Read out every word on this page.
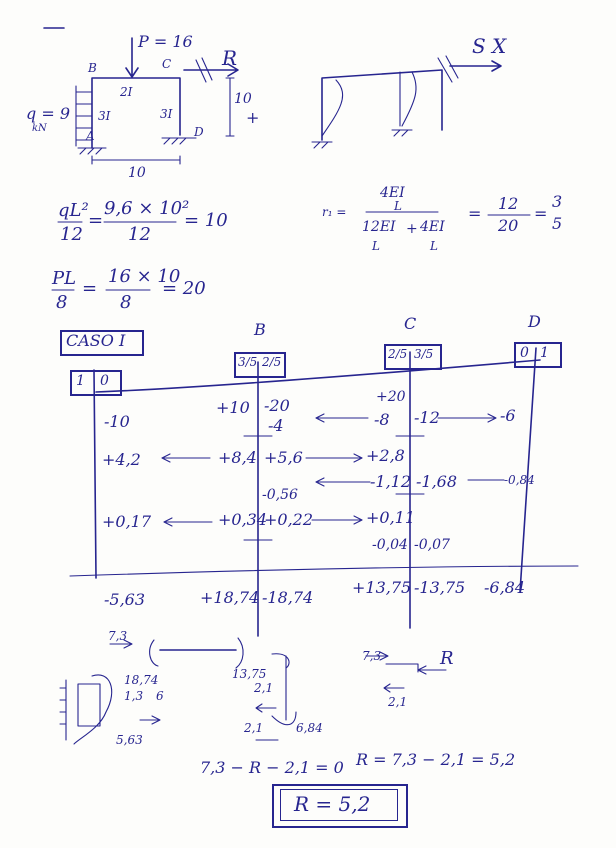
P = 16
R
q = 9
kN
B	C
A	D
2I
3I	3I
10
10
+
S X
qL²
12
=
9,6 × 10²
12
= 10
PL
8
=
16 × 10
8
= 20
r₁ =
4EI
L
12EI
L
+ 4EI
L
=
12
20
=
3
5
CASO I
B	C	D
1 0
3/5 2/5
2/5 3/5	0 1
-10
+10 -20	+20
-4	-8 -12	-6
+4,2	+8,4 +5,6	+2,8
-0,56
-1,12 -1,68	-0,84
+0,17	+0,34
+0,22	+0,11
-0,04 -0,07
-5,63	+18,74 -18,74
+13,75 -13,75 -6,84
7,3
18,74
1,3 6
5,63
13,75
2,1
2,1	6,84
7,3	R
2,1
7,3 − R − 2,1 = 0 R = 7,3 − 2,1 = 5,2
R = 5,2
